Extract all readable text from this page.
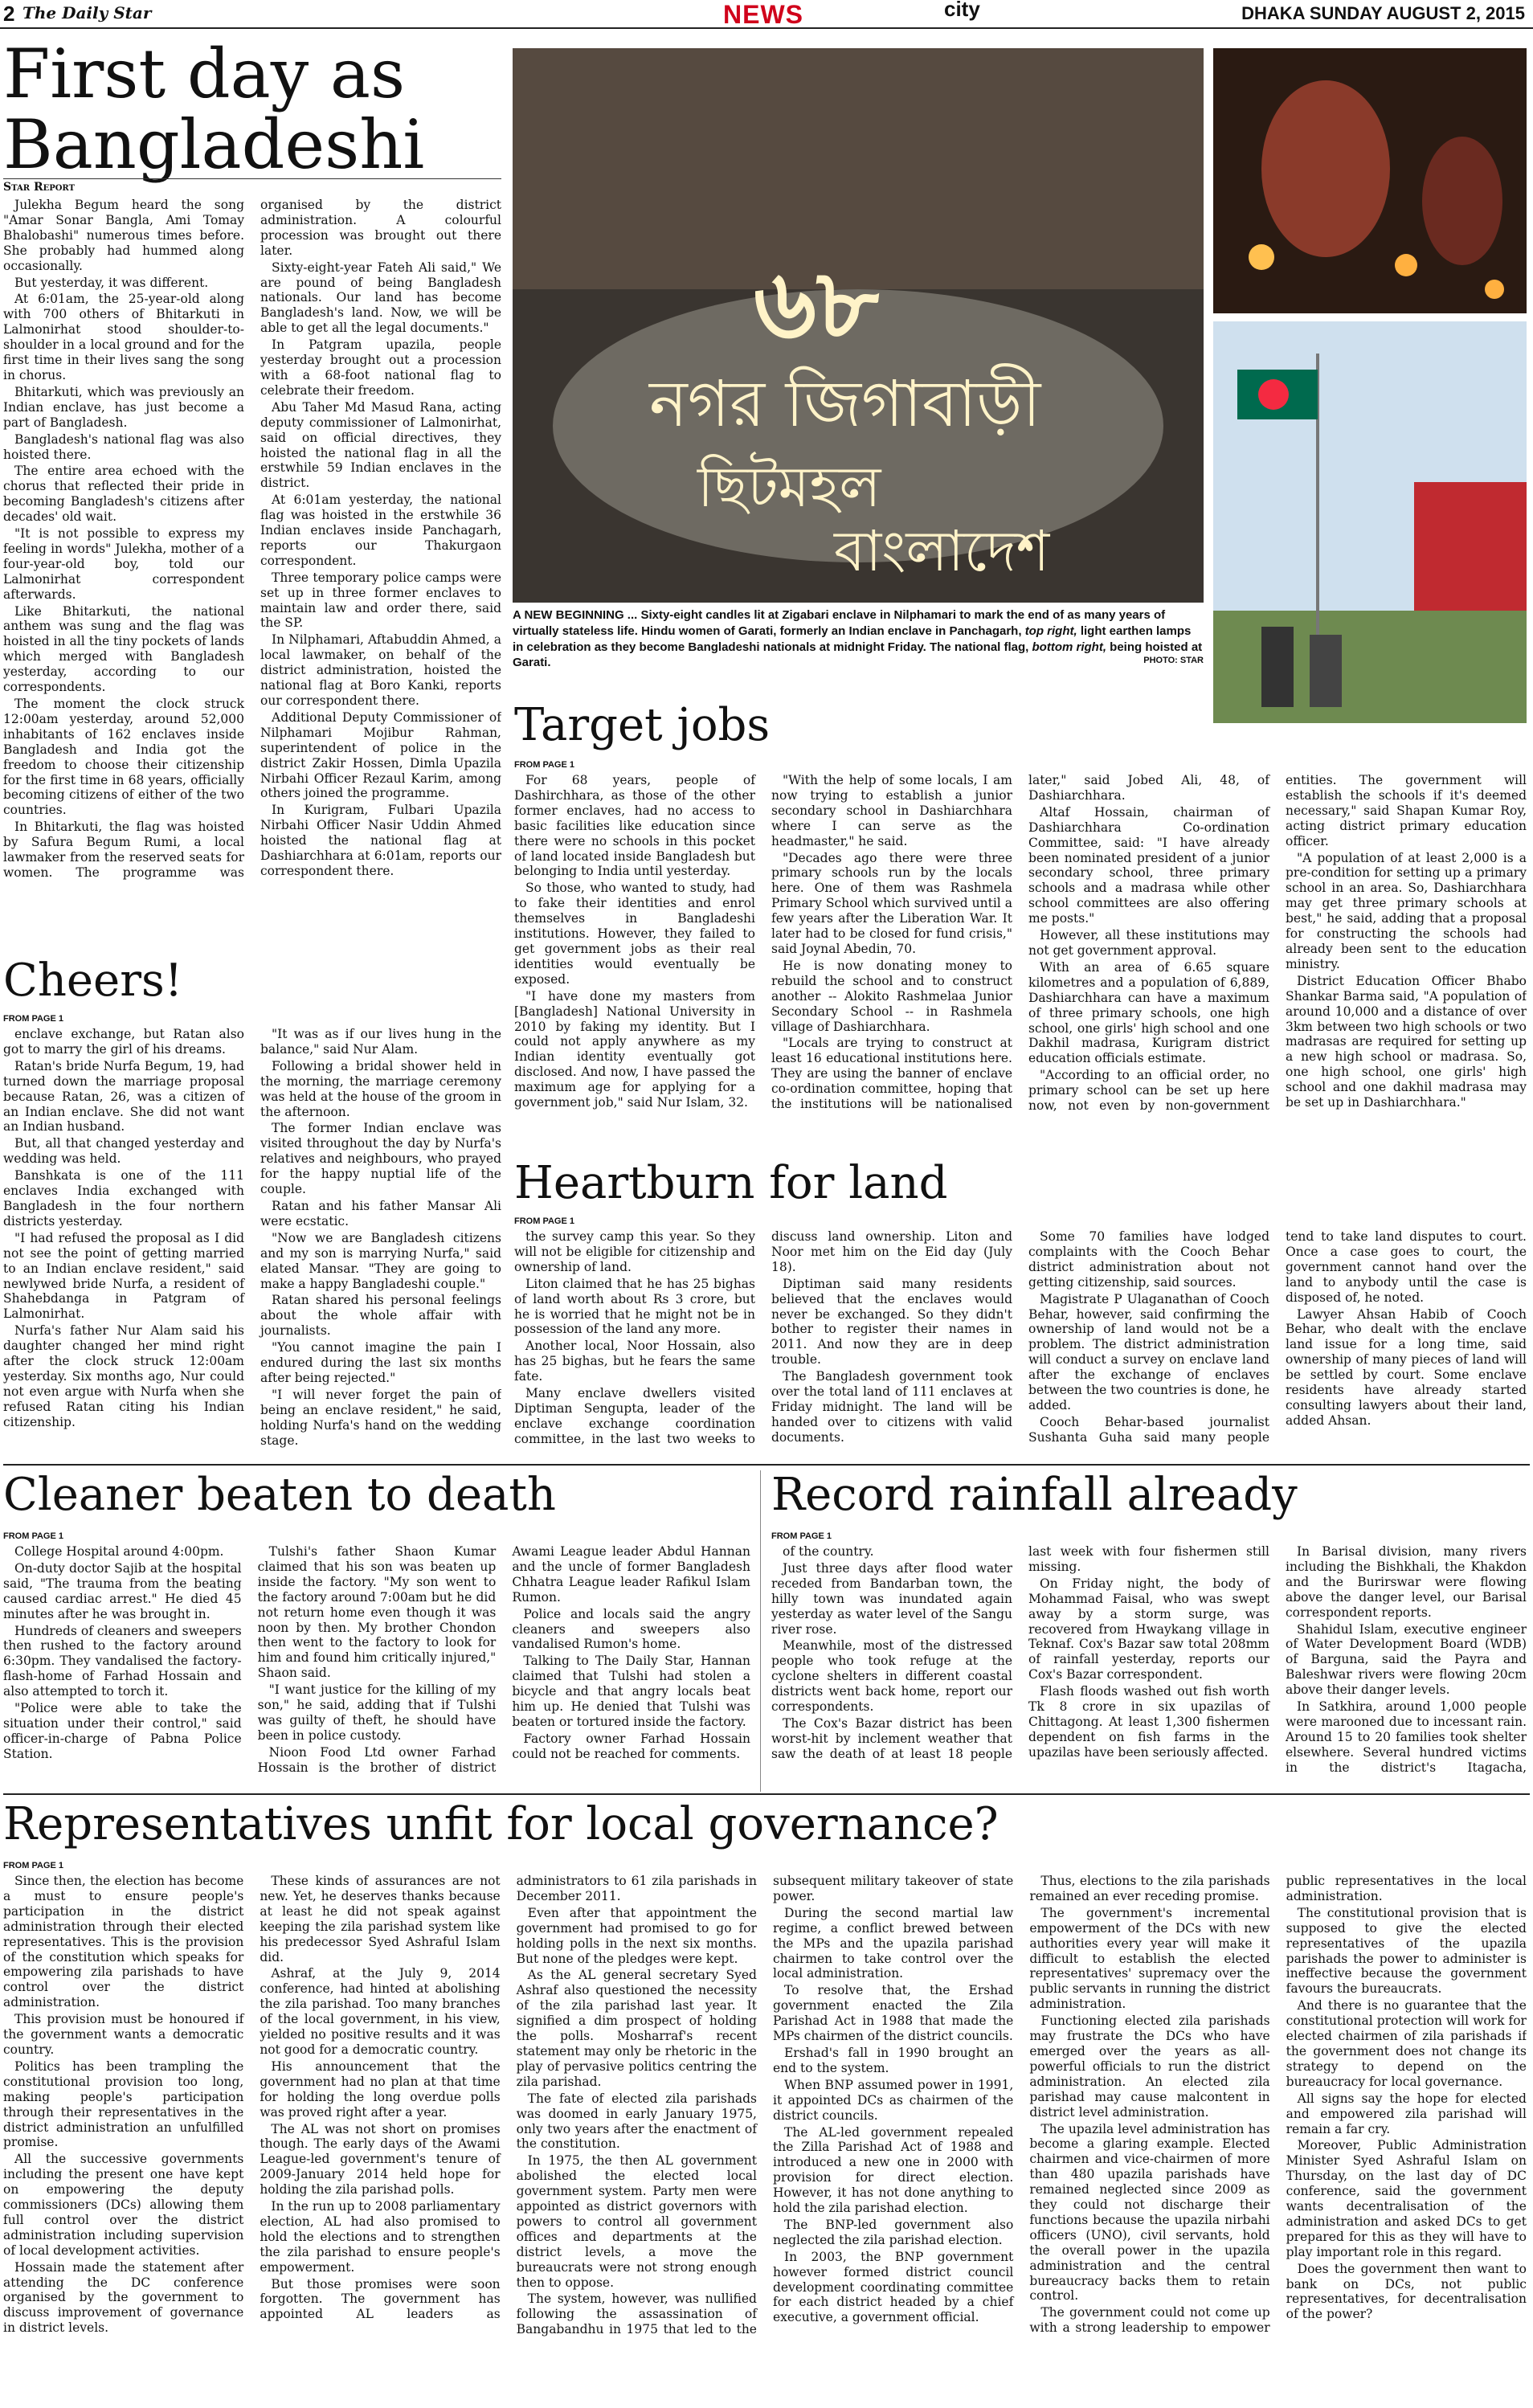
2 The Daily Star	NEWS	city	DHAKA SUNDAY AUGUST 2, 2015
First day as
Bangladeshi
Star Report

Julekha Begum heard the song "Amar Sonar Bangla, Ami Tomay Bhalobashi" numerous times before. She probably had hummed along occasionally.

But yesterday, it was different.

At 6:01am, the 25-year-old along with 700 others of Bhitarkuti in Lalmonirhat stood shoulder-to-shoulder in a local ground and for the first time in their lives sang the song in chorus.

Bhitarkuti, which was previously an Indian enclave, has just become a part of Bangladesh.

Bangladesh's national flag was also hoisted there.

The entire area echoed with the chorus that reflected their pride in becoming Bangladesh's citizens after decades' old wait.

"It is not possible to express my feeling in words" Julekha, mother of a four-year-old boy, told our Lalmonirhat correspondent afterwards.

Like Bhitarkuti, the national anthem was sung and the flag was hoisted in all the tiny pockets of lands which merged with Bangladesh yesterday, according to our correspondents.

The moment the clock struck 12:00am yesterday, around 52,000 inhabitants of 162 enclaves inside Bangladesh and India got the freedom to choose their citizenship for the first time in 68 years, officially becoming citizens of either of the two countries.

In Bhitarkuti, the flag was hoisted by Safura Begum Rumi, a local lawmaker from the reserved seats for women. The programme was organised by the district administration. A colourful procession was brought out there later.

Sixty-eight-year Fateh Ali said," We are pound of being Bangladesh nationals. Our land has become Bangladesh's land. Now, we will be able to get all the legal documents."

In Patgram upazila, people yesterday brought out a procession with a 68-foot national flag to celebrate their freedom.

Abu Taher Md Masud Rana, acting deputy commissioner of Lalmonirhat, said on official directives, they hoisted the national flag in all the erstwhile 59 Indian enclaves in the district.

At 6:01am yesterday, the national flag was hoisted in the erstwhile 36 Indian enclaves inside Panchagarh, reports our Thakurgaon correspondent.

Three temporary police camps were set up in three former enclaves to maintain law and order there, said the SP.

In Nilphamari, Aftabuddin Ahmed, a local lawmaker, on behalf of the district administration, hoisted the national flag at Boro Kanki, reports our correspondent there.

Additional Deputy Commissioner of Nilphamari Mojibur Rahman, superintendent of police in the district Zakir Hossen, Dimla Upazila Nirbahi Officer Rezaul Karim, among others joined the programme.

In Kurigram, Fulbari Upazila Nirbahi Officer Nasir Uddin Ahmed hoisted the national flag at Dashiarchhara at 6:01am, reports our correspondent there.

৬৮
নগর জিগাবাড়ী
ছিটমহল
বাংলাদেশ
A NEW BEGINNING ... Sixty-eight candles lit at Zigabari enclave in Nilphamari to mark the end of as many years of virtually stateless life. Hindu women of Garati, formerly an Indian enclave in Panchagarh, top right, light earthen lamps in celebration as they become Bangladeshi nationals at midnight Friday. The national flag, bottom right, being hoisted at Garati.	PHOTO: STAR
Cheers!
FROM PAGE 1

enclave exchange, but Ratan also got to marry the girl of his dreams.

Ratan's bride Nurfa Begum, 19, had turned down the marriage proposal because Ratan, 26, was a citizen of an Indian enclave. She did not want an Indian husband.

But, all that changed yesterday and wedding was held.

Banshkata is one of the 111 enclaves India exchanged with Bangladesh in the four northern districts yesterday.

"I had refused the proposal as I did not see the point of getting married to an Indian enclave resident," said newlywed bride Nurfa, a resident of Shahebdanga in Patgram of Lalmonirhat.

Nurfa's father Nur Alam said his daughter changed her mind right after the clock struck 12:00am yesterday. Six months ago, Nur could not even argue with Nurfa when she refused Ratan citing his Indian citizenship.

"It was as if our lives hung in the balance," said Nur Alam.

Following a bridal shower held in the morning, the marriage ceremony was held at the house of the groom in the afternoon.

The former Indian enclave was visited throughout the day by Nurfa's relatives and neighbours, who prayed for the happy nuptial life of the couple.

Ratan and his father Mansar Ali were ecstatic.

"Now we are Bangladesh citizens and my son is marrying Nurfa," said elated Mansar. "They are going to make a happy Bangladeshi couple."

Ratan shared his personal feelings about the whole affair with journalists.

"You cannot imagine the pain I endured during the last six months after being rejected."

"I will never forget the pain of being an enclave resident," he said, holding Nurfa's hand on the wedding stage.

Target jobs
FROM PAGE 1

For 68 years, people of Dashirchhara, as those of the other former enclaves, had no access to basic facilities like education since there were no schools in this pocket of land located inside Bangladesh but belonging to India until yesterday.

So those, who wanted to study, had to fake their identities and enrol themselves in Bangladeshi institutions. However, they failed to get government jobs as their real identities would eventually be exposed.

"I have done my masters from [Bangladesh] National University in 2010 by faking my identity. But I could not apply anywhere as my Indian identity eventually got disclosed. And now, I have passed the maximum age for applying for a government job," said Nur Islam, 32.

"With the help of some locals, I am now trying to establish a junior secondary school in Dashiarchhara where I can serve as the headmaster," he said.

"Decades ago there were three primary schools run by the locals here. One of them was Rashmela Primary School which survived until a few years after the Liberation War. It later had to be closed for fund crisis," said Joynal Abedin, 70.

He is now donating money to rebuild the school and to construct another -- Alokito Rashmelaa Junior Secondary School -- in Rashmela village of Dashiarchhara.

"Locals are trying to construct at least 16 educational institutions here. They are using the banner of enclave co-ordination committee, hoping that the institutions will be nationalised later," said Jobed Ali, 48, of Dashiarchhara.

Altaf Hossain, chairman of Dashiarchhara Co-ordination Committee, said: "I have already been nominated president of a junior secondary school, three primary schools and a madrasa while other school committees are also offering me posts."

However, all these institutions may not get government approval.

With an area of 6.65 square kilometres and a population of 6,889, Dashiarchhara can have a maximum of three primary schools, one high school, one girls' high school and one Dakhil madrasa, Kurigram district education officials estimate.

"According to an official order, no primary school can be set up here now, not even by non-government entities. The government will establish the schools if it's deemed necessary," said Shapan Kumar Roy, acting district primary education officer.

"A population of at least 2,000 is a pre-condition for setting up a primary school in an area. So, Dashiarchhara may get three primary schools at best," he said, adding that a proposal for constructing the schools had already been sent to the education ministry.

District Education Officer Bhabo Shankar Barma said, "A population of around 10,000 and a distance of over 3km between two high schools or two madrasas are required for setting up a new high school or madrasa. So, one high school, one girls' high school and one dakhil madrasa may be set up in Dashiarchhara."

Heartburn for land
FROM PAGE 1

the survey camp this year. So they will not be eligible for citizenship and ownership of land.

Liton claimed that he has 25 bighas of land worth about Rs 3 crore, but he is worried that he might not be in possession of the land any more.

Another local, Noor Hossain, also has 25 bighas, but he fears the same fate.

Many enclave dwellers visited Diptiman Sengupta, leader of the enclave exchange coordination committee, in the last two weeks to discuss land ownership. Liton and Noor met him on the Eid day (July 18).

Diptiman said many residents believed that the enclaves would never be exchanged. So they didn't bother to register their names in 2011. And now they are in deep trouble.

The Bangladesh government took over the total land of 111 enclaves at Friday midnight. The land will be handed over to citizens with valid documents.

Some 70 families have lodged complaints with the Cooch Behar district administration about not getting citizenship, said sources.

Magistrate P Ulaganathan of Cooch Behar, however, said confirming the ownership of land would not be a problem. The district administration will conduct a survey on enclave land after the exchange of enclaves between the two countries is done, he added.

Cooch Behar-based journalist Sushanta Guha said many people tend to take land disputes to court. Once a case goes to court, the government cannot hand over the land to anybody until the case is disposed of, he noted.

Lawyer Ahsan Habib of Cooch Behar, who dealt with the enclave land issue for a long time, said ownership of many pieces of land will be settled by court. Some enclave residents have already started consulting lawyers about their land, added Ahsan.

Cleaner beaten to death
FROM PAGE 1

College Hospital around 4:00pm.

On-duty doctor Sajib at the hospital said, "The trauma from the beating caused cardiac arrest." He died 45 minutes after he was brought in.

Hundreds of cleaners and sweepers then rushed to the factory around 6:30pm. They vandalised the factory-flash-home of Farhad Hossain and also attempted to torch it.

"Police were able to take the situation under their control," said officer-in-charge of Pabna Police Station.

Tulshi's father Shaon Kumar claimed that his son was beaten up inside the factory. "My son went to the factory around 7:00am but he did not return home even though it was noon by then. My brother Chondon then went to the factory to look for him and found him critically injured," Shaon said.

"I want justice for the killing of my son," he said, adding that if Tulshi was guilty of theft, he should have been in police custody.

Nioon Food Ltd owner Farhad Hossain is the brother of district Awami League leader Abdul Hannan and the uncle of former Bangladesh Chhatra League leader Rafikul Islam Rumon.

Police and locals said the angry cleaners and sweepers also vandalised Rumon's home.

Talking to The Daily Star, Hannan claimed that Tulshi had stolen a bicycle and that angry locals beat him up. He denied that Tulshi was beaten or tortured inside the factory.

Factory owner Farhad Hossain could not be reached for comments.

Record rainfall already
FROM PAGE 1

of the country.

Just three days after flood water receded from Bandarban town, the hilly town was inundated again yesterday as water level of the Sangu river rose.

Meanwhile, most of the distressed people who took refuge at the cyclone shelters in different coastal districts went back home, report our correspondents.

The Cox's Bazar district has been worst-hit by inclement weather that saw the death of at least 18 people last week with four fishermen still missing.

On Friday night, the body of Mohammad Faisal, who was swept away by a storm surge, was recovered from Hwaykang village in Teknaf. Cox's Bazar saw total 208mm of rainfall yesterday, reports our Cox's Bazar correspondent.

Flash floods washed out fish worth Tk 8 crore in six upazilas of Chittagong. At least 1,300 fishermen dependent on fish farms in the upazilas have been seriously affected.

In Barisal division, many rivers including the Bishkhali, the Khakdon and the Burirswar were flowing above the danger level, our Barisal correspondent reports.

Shahidul Islam, executive engineer of Water Development Board (WDB) of Barguna, said the Payra and Baleshwar rivers were flowing 20cm above their danger levels.

In Satkhira, around 1,000 people were marooned due to incessant rain. Around 15 to 20 families took shelter elsewhere. Several hundred victims in the district's Itagacha,

Representatives unfit for local governance?
FROM PAGE 1

Since then, the election has become a must to ensure people's participation in the district administration through their elected representatives. This is the provision of the constitution which speaks for empowering zila parishads to have control over the district administration.

This provision must be honoured if the government wants a democratic country.

Politics has been trampling the constitutional provision too long, making people's participation through their representatives in the district administration an unfulfilled promise.

All the successive governments including the present one have kept on empowering the deputy commissioners (DCs) allowing them full control over the district administration including supervision of local development activities.

Hossain made the statement after attending the DC conference organised by the government to discuss improvement of governance in district levels.

These kinds of assurances are not new. Yet, he deserves thanks because at least he did not speak against keeping the zila parishad system like his predecessor Syed Ashraful Islam did.

Ashraf, at the July 9, 2014 conference, had hinted at abolishing the zila parishad. Too many branches of the local government, in his view, yielded no positive results and it was not good for a democratic country.

His announcement that the government had no plan at that time for holding the long overdue polls was proved right after a year.

The AL was not short on promises though. The early days of the Awami League-led government's tenure of 2009-January 2014 held hope for holding the zila parishad polls.

In the run up to 2008 parliamentary election, AL had also promised to hold the elections and to strengthen the zila parishad to ensure people's empowerment.

But those promises were soon forgotten. The government has appointed AL leaders as administrators to 61 zila parishads in December 2011.

Even after that appointment the government had promised to go for holding polls in the next six months. But none of the pledges were kept.

As the AL general secretary Syed Ashraf also questioned the necessity of the zila parishad last year. It signified a dim prospect of holding the polls. Mosharraf's recent statement may only be rhetoric in the play of pervasive politics centring the zila parishad.

The fate of elected zila parishads was doomed in early January 1975, only two years after the enactment of the constitution.

In 1975, the then AL government abolished the elected local government system. Party men were appointed as district governors with powers to control all government offices and departments at the district levels, a move the bureaucrats were not strong enough then to oppose.

The system, however, was nullified following the assassination of Bangabandhu in 1975 that led to the subsequent military takeover of state power.

During the second martial law regime, a conflict brewed between the MPs and the upazila parishad chairmen to take control over the local administration.

To resolve that, the Ershad government enacted the Zila Parishad Act in 1988 that made the MPs chairmen of the district councils.

Ershad's fall in 1990 brought an end to the system.

When BNP assumed power in 1991, it appointed DCs as chairmen of the district councils.

The AL-led government repealed the Zilla Parishad Act of 1988 and introduced a new one in 2000 with provision for direct election. However, it has not done anything to hold the zila parishad election.

The BNP-led government also neglected the zila parishad election.

In 2003, the BNP government however formed district council development coordinating committee for each district headed by a chief executive, a government official.

Thus, elections to the zila parishads remained an ever receding promise.

The government's incremental empowerment of the DCs with new authorities every year will make it difficult to establish the elected representatives' supremacy over the public servants in running the district administration.

Functioning elected zila parishads may frustrate the DCs who have emerged over the years as all-powerful officials to run the district administration. An elected zila parishad may cause malcontent in district level administration.

The upazila level administration has become a glaring example. Elected chairmen and vice-chairmen of more than 480 upazila parishads have remained neglected since 2009 as they could not discharge their functions because the upazila nirbahi officers (UNO), civil servants, hold the overall power in the upazila administration and the central bureaucracy backs them to retain control.

The government could not come up with a strong leadership to empower public representatives in the local administration.

The constitutional provision that is supposed to give the elected representatives of the upazila parishads the power to administer is ineffective because the government favours the bureaucrats.

And there is no guarantee that the constitutional protection will work for elected chairmen of zila parishads if the government does not change its strategy to depend on the bureaucracy for local governance.

All signs say the hope for elected and empowered zila parishad will remain a far cry.

Moreover, Public Administration Minister Syed Ashraful Islam on Thursday, on the last day of DC conference, said the government wants decentralisation of the administration and asked DCs to get prepared for this as they will have to play important role in this regard.

Does the government then want to bank on DCs, not public representatives, for decentralisation of the power?
